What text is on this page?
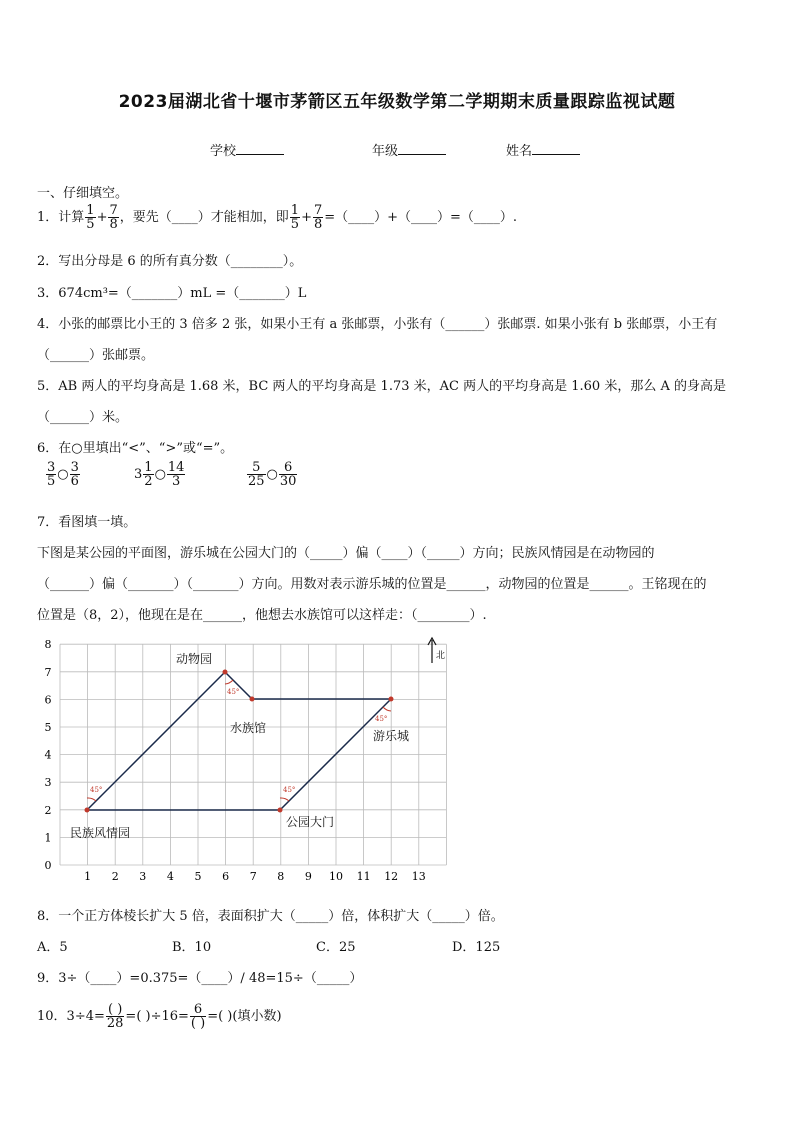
2023届湖北省十堰市茅箭区五年级数学第二学期期末质量跟踪监视试题
学校	年级	姓名
一、仔细填空。
1．计算 $\frac{1}{5} + \frac{7}{8}$ ，要先（____）才能相加，即 $\frac{1}{5} + \frac{7}{8}$ =（____）+（____）=（____）.
2．写出分母是 6 的所有真分数（________）。
3．674cm³=（_______）mL =（_______）L
4．小张的邮票比小王的 3 倍多 2 张，如果小王有 a 张邮票，小张有（______）张邮票. 如果小张有 b 张邮票，小王有
（______）张邮票。
5．AB 两人的平均身高是 1.68 米，BC 两人的平均身高是 1.73 米，AC 两人的平均身高是 1.60 米，那么 A 的身高是
（______）米。
6．在○里填出“<”、“>”或“=”。
$\frac{3}{5}$ ○ $\frac{3}{6}$	$3 \frac{1}{2}$ ○ $\frac{14}{3}$	$\frac{5}{25}$ ○ $\frac{6}{30}$
7．看图填一填。
下图是某公园的平面图，游乐城在公园大门的（_____）偏（____）（_____）方向；民族风情园是在动物园的
（______）偏（_______）（_______）方向。用数对表示游乐城的位置是______，动物园的位置是______。王铭现在的
位置是（8，2），他现在是在______，他想去水族馆可以这样走：（________）.
1 2 3 4 5 6 7 8 9 10 11 12 13
0
1
2
3
4
5
6
7
8
45°	45°
45°
45°
动物园
水族馆
游乐城
民族风情园
公园大门
北
8．一个正方体棱长扩大 5 倍，表面积扩大（_____）倍，体积扩大（_____）倍。
A．5	B．10	C．25	D．125
9．3÷（____）=0.375=（____）/ 48=15÷（_____）
10．$3\div 4= \frac{( )}{28}$ =( )$\div 16= \frac{6}{( )}$ =( )(填小数)
